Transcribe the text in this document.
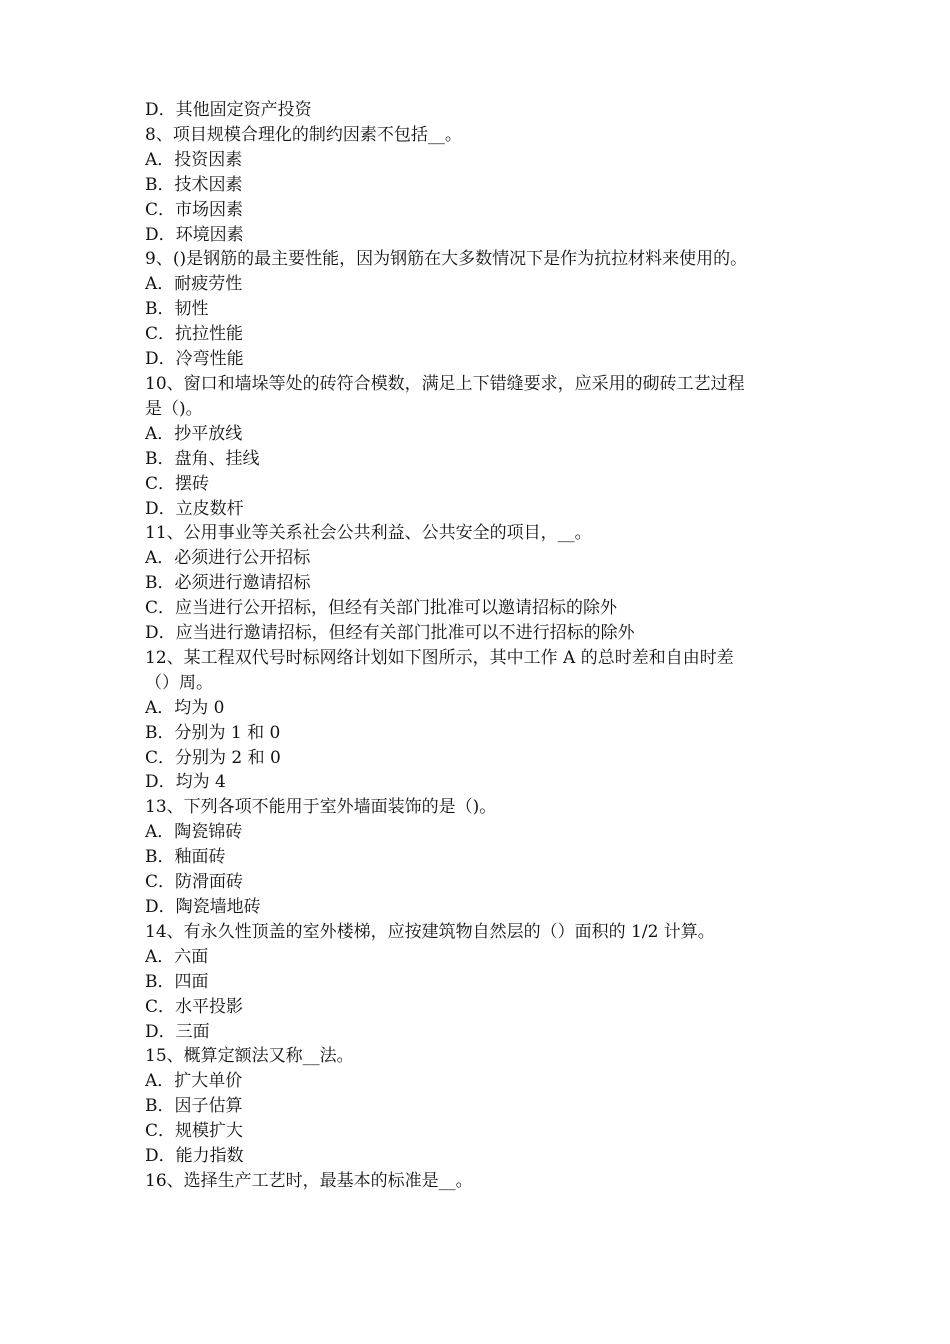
D．其他固定资产投资
8、项目规模合理化的制约因素不包括__。
A．投资因素
B．技术因素
C．市场因素
D．环境因素
9、()是钢筋的最主要性能，因为钢筋在大多数情况下是作为抗拉材料来使用的。
A．耐疲劳性
B．韧性
C．抗拉性能
D．冷弯性能
10、窗口和墙垛等处的砖符合模数，满足上下错缝要求，应采用的砌砖工艺过程
是（)。
A．抄平放线
B．盘角、挂线
C．摆砖
D．立皮数杆
11、公用事业等关系社会公共利益、公共安全的项目，__。
A．必须进行公开招标
B．必须进行邀请招标
C．应当进行公开招标，但经有关部门批准可以邀请招标的除外
D．应当进行邀请招标，但经有关部门批准可以不进行招标的除外
12、某工程双代号时标网络计划如下图所示，其中工作 A 的总时差和自由时差
（）周。
A．均为 0
B．分别为 1 和 0
C．分别为 2 和 0
D．均为 4
13、下列各项不能用于室外墙面装饰的是（)。
A．陶瓷锦砖
B．釉面砖
C．防滑面砖
D．陶瓷墙地砖
14、有永久性顶盖的室外楼梯，应按建筑物自然层的（）面积的 1/2 计算。
A．六面
B．四面
C．水平投影
D．三面
15、概算定额法又称__法。
A．扩大单价
B．因子估算
C．规模扩大
D．能力指数
16、选择生产工艺时，最基本的标准是__。
